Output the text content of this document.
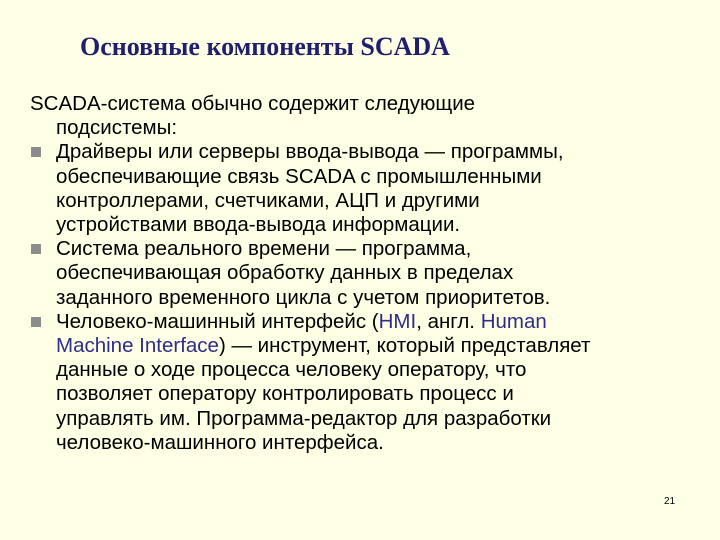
Основные компоненты SCADA
SCADA-система обычно содержит следующие
подсистемы:
Драйверы или серверы ввода-вывода — программы,
обеспечивающие связь SCADA с промышленными
контроллерами, счетчиками, АЦП и другими
устройствами ввода-вывода информации.
Система реального времени — программа,
обеспечивающая обработку данных в пределах
заданного временного цикла с учетом приоритетов.
Человеко-машинный интерфейс (HMI, англ. Human
Machine Interface) — инструмент, который представляет
данные о ходе процесса человеку оператору, что
позволяет оператору контролировать процесс и
управлять им. Программа-редактор для разработки
человеко-машинного интерфейса.
21
